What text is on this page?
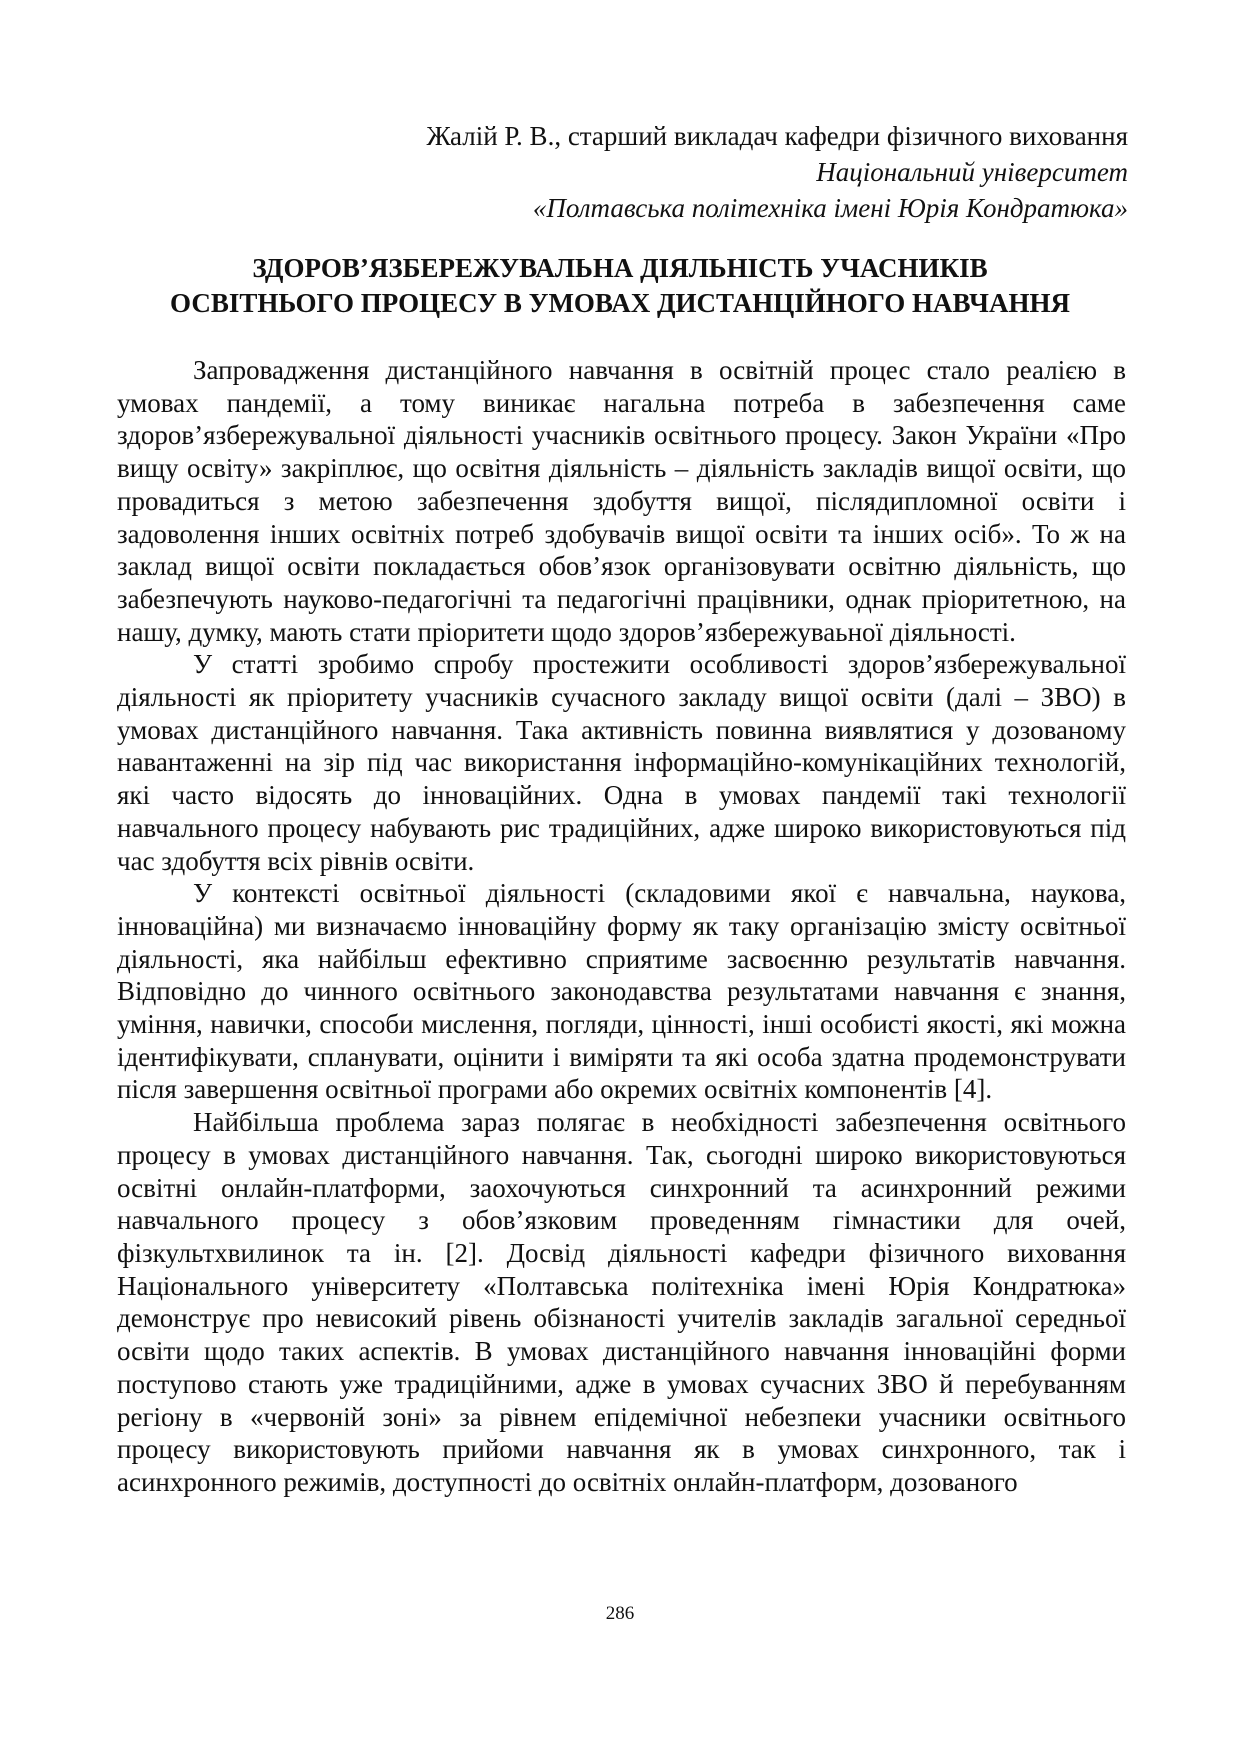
Жалій Р. В., старший викладач кафедри фізичного виховання
Національний університет
«Полтавська політехніка імені Юрія Кондратюка»
ЗДОРОВ’ЯЗБЕРЕЖУВАЛЬНА ДІЯЛЬНІСТЬ УЧАСНИКІВ
ОСВІТНЬОГО ПРОЦЕСУ В УМОВАХ ДИСТАНЦІЙНОГО НАВЧАННЯ

Запровадження дистанційного навчання в освітній процес стало реалією в умовах пандемії, а тому виникає нагальна потреба в забезпечення саме здоров’язбережувальної діяльності учасників освітнього процесу. Закон України «Про вищу освіту» закріплює, що освітня діяльність – діяльність закладів вищої освіти, що провадиться з метою забезпечення здобуття вищої, післядипломної освіти і задоволення інших освітніх потреб здобувачів вищої освіти та інших осіб». То ж на заклад вищої освіти покладається обов’язок організовувати освітню діяльність, що забезпечують науково-педагогічні та педагогічні працівники, однак пріоритетною, на нашу, думку, мають стати пріоритети щодо здоров’язбережуваьної діяльності.

У статті зробимо спробу простежити особливості здоров’язбережувальної діяльності як пріоритету учасників сучасного закладу вищої освіти (далі – ЗВО) в умовах дистанційного навчання. Така активність повинна виявлятися у дозованому навантаженні на зір під час використання інформаційно-комунікаційних технологій, які часто відосять до інноваційних. Одна в умовах пандемії такі технології навчального процесу набувають рис традиційних, адже широко використовуються під час здобуття всіх рівнів освіти.

У контексті освітньої діяльності (складовими якої є навчальна, наукова, інноваційна) ми визначаємо інноваційну форму як таку організацію змісту освітньої діяльності, яка найбільш ефективно сприятиме засвоєнню результатів навчання. Відповідно до чинного освітнього законодавства результатами навчання є знання, уміння, навички, способи мислення, погляди, цінності, інші особисті якості, які можна ідентифікувати, спланувати, оцінити і виміряти та які особа здатна продемонструвати після завершення освітньої програми або окремих освітніх компонентів [4].

Найбільша проблема зараз полягає в необхідності забезпечення освітнього процесу в умовах дистанційного навчання. Так, сьогодні широко використовуються освітні онлайн-платформи, заохочуються синхронний та асинхронний режими навчального процесу з обов’язковим проведенням гімнастики для очей, фізкультхвилинок та ін. [2]. Досвід діяльності кафедри фізичного виховання Національного університету «Полтавська політехніка імені Юрія Кондратюка» демонструє про невисокий рівень обізнаності учителів закладів загальної середньої освіти щодо таких аспектів. В умовах дистанційного навчання інноваційні форми поступово стають уже традиційними, адже в умовах сучасних ЗВО й перебуванням регіону в «червоній зоні» за рівнем епідемічної небезпеки учасники освітнього процесу використовують прийоми навчання як в умовах синхронного, так і асинхронного режимів, доступності до освітніх онлайн-платформ, дозованого

286
